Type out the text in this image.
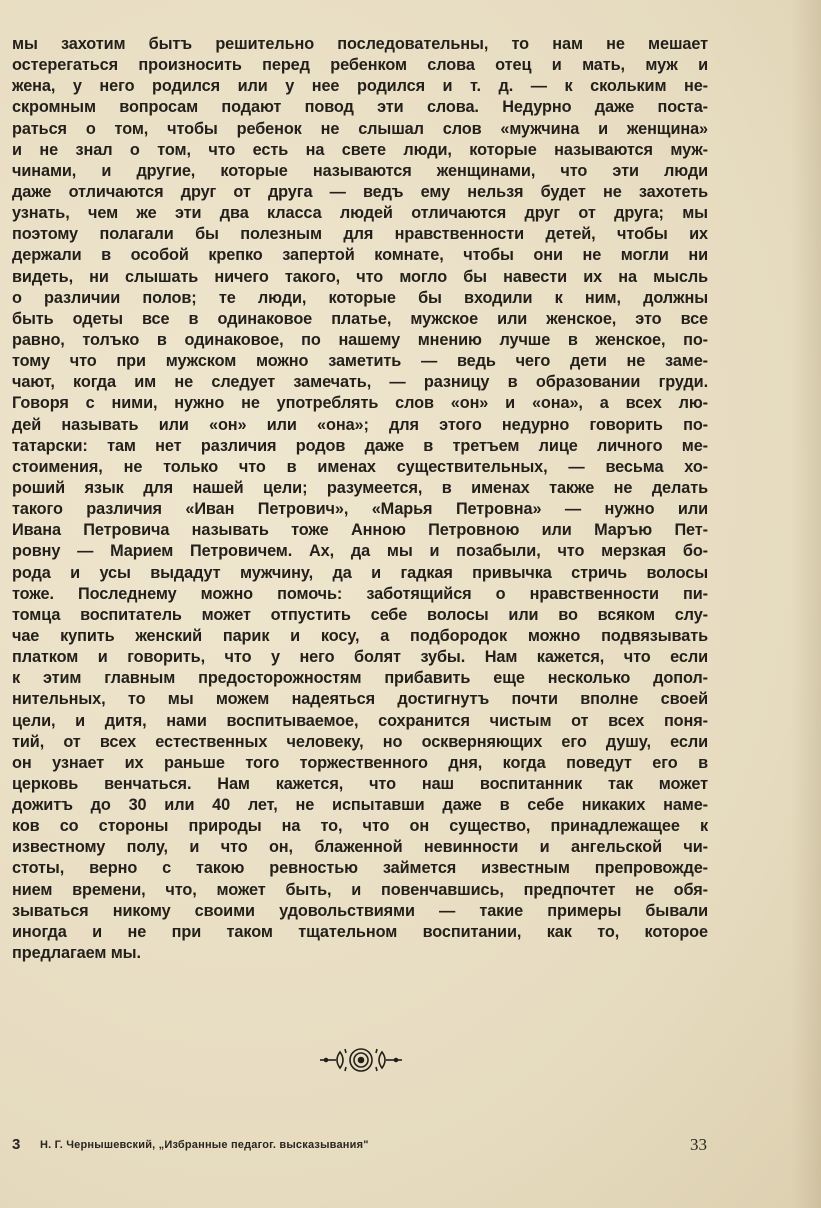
мы захотим бытъ решительно последовательны, то нам не мешает
остерегаться произносить перед ребенком слова отец и мать, муж и
жена, у него родился или у нее родился и т. д. — к скольким не-
скромным вопросам подают повод эти слова. Недурно даже поста-
раться о том, чтобы ребенок не слышал слов «мужчина и женщина»
и не знал о том, что есть на свете люди, которые называются муж-
чинами, и другие, которые называются женщинами, что эти люди
даже отличаются друг от друга — ведъ ему нельзя будет не захотеть
узнать, чем же эти два класса людей отличаются друг от друга; мы
поэтому полагали бы полезным для нравственности детей, чтобы их
держали в особой крепко запертой комнате, чтобы они не могли ни
видеть, ни слышать ничего такого, что могло бы навести их на мысль
о различии полов; те люди, которые бы входили к ним, должны
быть одеты все в одинаковое платье, мужское или женское, это все
равно, толъко в одинаковое, по нашему мнению лучше в женское, по-
тому что при мужском можно заметить — ведь чего дети не заме-
чают, когда им не следует замечать, — разницу в образовании груди.
Говоря с ними, нужно не употреблять слов «он» и «она», а всех лю-
дей называть или «он» или «она»; для этого недурно говорить по-
татарски: там нет различия родов даже в третъем лице личного ме-
стоимения, не только что в именах существительных, — весьма хо-
роший язык для нашей цели; разумеется, в именах также не делать
такого различия «Иван Петрович», «Марья Петровна» — нужно или
Ивана Петровича называть тоже Анною Петровною или Маръю Пет-
ровну — Марием Петровичем. Ах, да мы и позабыли, что мерзкая бо-
рода и усы выдадут мужчину, да и гадкая привычка стричь волосы
тоже. Последнему можно помочь: заботящийся о нравственности пи-
томца воспитатель может отпустить себе волосы или во всяком слу-
чае купить женский парик и косу, а подбородок можно подвязывать
платком и говорить, что у него болят зубы. Нам кажется, что если
к этим главным предосторожностям прибавить еще несколько допол-
нительных, то мы можем надеяться достигнутъ почти вполне своей
цели, и дитя, нами воспитываемое, сохранится чистым от всех поня-
тий, от всех естественных человеку, но оскверняющих его душу, если
он узнает их раньше того торжественного дня, когда поведут его в
церковь венчаться. Нам кажется, что наш воспитанник так может
дожитъ до 30 или 40 лет, не испытавши даже в себе никаких наме-
ков со стороны природы на то, что он существо, принадлежащее к
известному полу, и что он, блаженной невинности и ангельской чи-
стоты, верно с такою ревностью займется известным препровожде-
нием времени, что, может быть, и повенчавшись, предпочтет не обя-
зываться никому своими удовольствиями — такие примеры бывали
иногда и не при таком тщательном воспитании, как то, которое
предлагаем мы.
3 Н. Г. Чернышевский, „Избранные педагог. высказывания"	33
